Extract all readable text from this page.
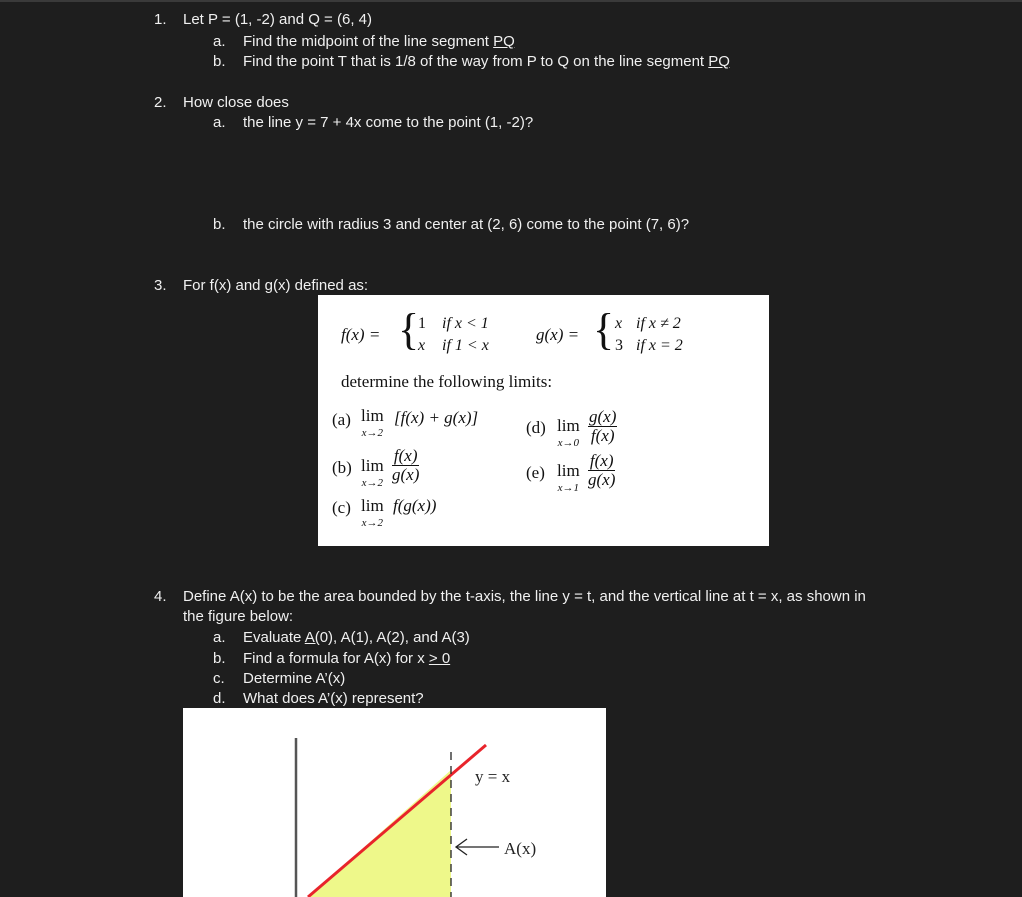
1. Let P = (1, -2) and Q = (6, 4)
a. Find the midpoint of the line segment PQ
b. Find the point T that is 1/8 of the way from P to Q on the line segment PQ
2. How close does
a. the line y = 7 + 4x come to the point (1, -2)?
b. the circle with radius 3 and center at (2, 6) come to the point (7, 6)?
3. For f(x) and g(x) defined as:
f(x) = {
1 if x < 1
x if 1 < x
g(x) = { x if x ≠ 2
3 if x = 2
determine the following limits:
(a) lim
x→2
[f(x) + g(x)]
(b) lim
$x\to 2 \frac{f(x)}{g(x)}$
(c) lim
x→2
f(g(x))
(d) lim
$x\to 0 \frac{g(x)}{f(x)}$
(e) lim
$x\to 1 \frac{f(x)}{g(x)}$
4. Define A(x) to be the area bounded by the t-axis, the line y = t, and the vertical line at t = x, as shown in
the figure below:
a. Evaluate A(0), A(1), A(2), and A(3)
b. Find a formula for A(x) for x > 0
c. Determine A’(x)
d. What does A’(x) represent?
y = x
A(x)
